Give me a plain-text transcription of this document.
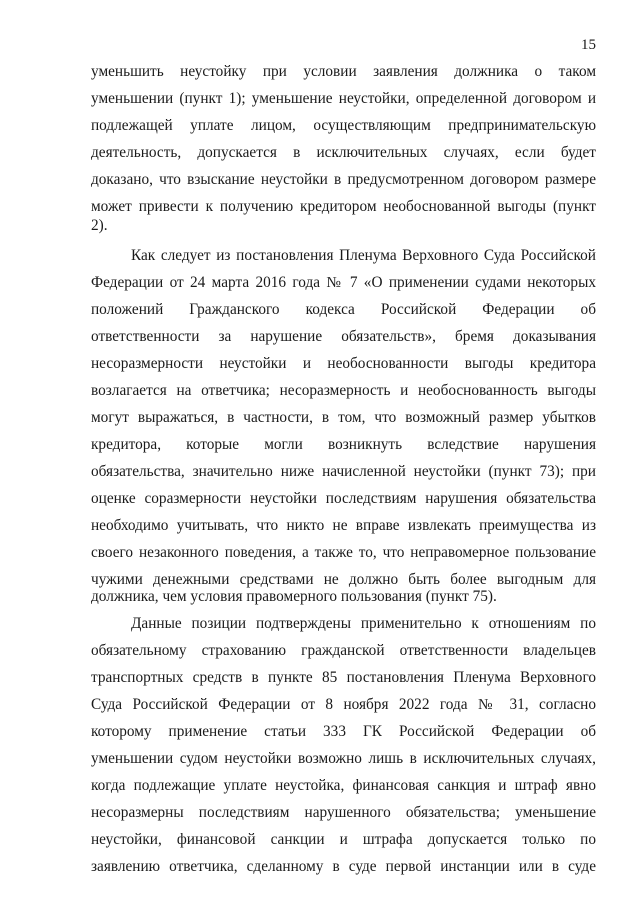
15
уменьшить неустойку при условии заявления должника о таком
уменьшении (пункт 1); уменьшение неустойки, определенной договором и
подлежащей уплате лицом, осуществляющим предпринимательскую
деятельность, допускается в исключительных случаях, если будет
доказано, что взыскание неустойки в предусмотренном договором размере
может привести к получению кредитором необоснованной выгоды (пункт
2).
Как следует из постановления Пленума Верховного Суда Российской
Федерации от 24 марта 2016 года № 7 «О применении судами некоторых
положений Гражданского кодекса Российской Федерации об
ответственности за нарушение обязательств», бремя доказывания
несоразмерности неустойки и необоснованности выгоды кредитора
возлагается на ответчика; несоразмерность и необоснованность выгоды
могут выражаться, в частности, в том, что возможный размер убытков
кредитора, которые могли возникнуть вследствие нарушения
обязательства, значительно ниже начисленной неустойки (пункт 73); при
оценке соразмерности неустойки последствиям нарушения обязательства
необходимо учитывать, что никто не вправе извлекать преимущества из
своего незаконного поведения, а также то, что неправомерное пользование
чужими денежными средствами не должно быть более выгодным для
должника, чем условия правомерного пользования (пункт 75).
Данные позиции подтверждены применительно к отношениям по
обязательному страхованию гражданской ответственности владельцев
транспортных средств в пункте 85 постановления Пленума Верховного
Суда Российской Федерации от 8 ноября 2022 года № 31, согласно
которому применение статьи 333 ГК Российской Федерации об
уменьшении судом неустойки возможно лишь в исключительных случаях,
когда подлежащие уплате неустойка, финансовая санкция и штраф явно
несоразмерны последствиям нарушенного обязательства; уменьшение
неустойки, финансовой санкции и штрафа допускается только по
заявлению ответчика, сделанному в суде первой инстанции или в суде
